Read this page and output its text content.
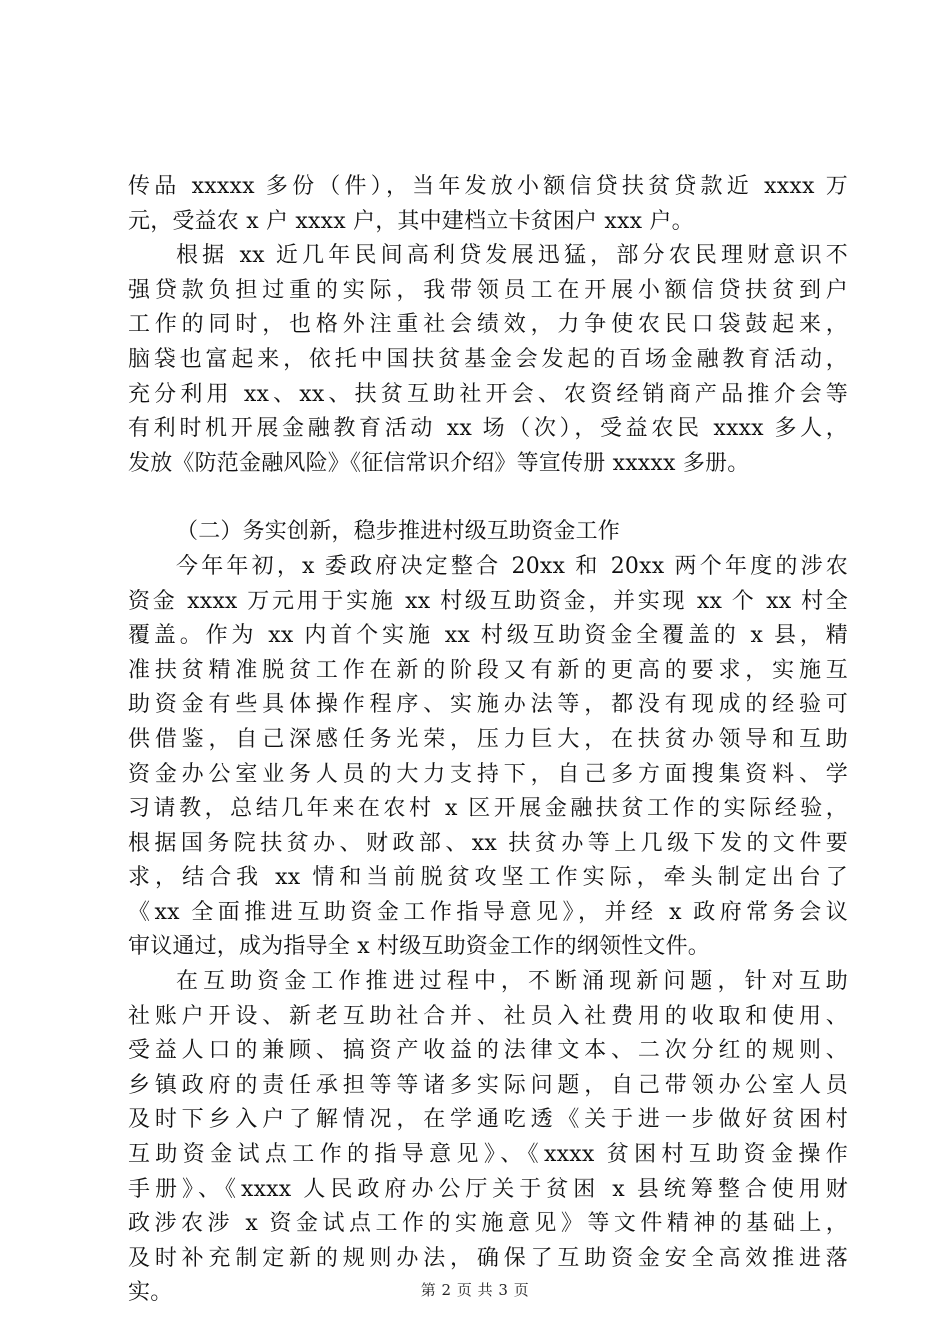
传品 xxxxx 多份（件），当年发放小额信贷扶贫贷款近 xxxx 万
元，受益农 x 户 xxxx 户，其中建档立卡贫困户 xxx 户。
根据 xx 近几年民间高利贷发展迅猛，部分农民理财意识不
强贷款负担过重的实际，我带领员工在开展小额信贷扶贫到户
工作的同时，也格外注重社会绩效，力争使农民口袋鼓起来，
脑袋也富起来，依托中国扶贫基金会发起的百场金融教育活动，
充分利用 xx、xx、扶贫互助社开会、农资经销商产品推介会等
有利时机开展金融教育活动 xx 场（次），受益农民 xxxx 多人，
发放《防范金融风险》《征信常识介绍》等宣传册 xxxxx 多册。
（二）务实创新，稳步推进村级互助资金工作
今年年初，x 委政府决定整合 20xx 和 20xx 两个年度的涉农
资金 xxxx 万元用于实施 xx 村级互助资金，并实现 xx 个 xx 村全
覆盖。作为 xx 内首个实施 xx 村级互助资金全覆盖的 x 县，精
准扶贫精准脱贫工作在新的阶段又有新的更高的要求，实施互
助资金有些具体操作程序、实施办法等，都没有现成的经验可
供借鉴，自己深感任务光荣，压力巨大，在扶贫办领导和互助
资金办公室业务人员的大力支持下，自己多方面搜集资料、学
习请教，总结几年来在农村 x 区开展金融扶贫工作的实际经验，
根据国务院扶贫办、财政部、xx 扶贫办等上几级下发的文件要
求，结合我 xx 情和当前脱贫攻坚工作实际，牵头制定出台了
《xx 全面推进互助资金工作指导意见》，并经 x 政府常务会议
审议通过，成为指导全 x 村级互助资金工作的纲领性文件。
在互助资金工作推进过程中，不断涌现新问题，针对互助
社账户开设、新老互助社合并、社员入社费用的收取和使用、
受益人口的兼顾、搞资产收益的法律文本、二次分红的规则、
乡镇政府的责任承担等等诸多实际问题，自己带领办公室人员
及时下乡入户了解情况，在学通吃透《关于进一步做好贫困村
互助资金试点工作的指导意见》、《xxxx 贫困村互助资金操作
手册》、《xxxx 人民政府办公厅关于贫困 x 县统筹整合使用财
政涉农涉 x 资金试点工作的实施意见》等文件精神的基础上，
及时补充制定新的规则办法，确保了互助资金安全高效推进落
实。	第 2 页 共 3 页
